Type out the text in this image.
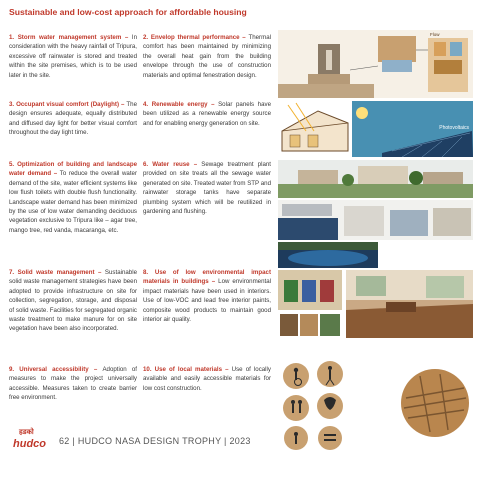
Sustainable and low-cost approach for affordable housing

1. Storm water management system – In consideration with the heavy rainfall of Tripura, excessive off rainwater is stored and treated within the site premises, which is to be used later in the site.

2. Envelop thermal performance – Thermal comfort has been maintained by minimizing the overall heat gain from the building envelope through the use of construction materials and optimal fenestration design.

3. Occupant visual comfort (Daylight) – The design ensures adequate, equally distributed and diffused day light for better visual comfort throughout the day light time.

4. Renewable energy – Solar panels have been utilized as a renewable energy source and for enabling energy generation on site.

5. Optimization of building and landscape water demand – To reduce the overall water demand of the site, water efficient systems like low flush toilets with double flush functionality. Landscape water demand has been minimized by the use of low water demanding deciduous vegetation exclusive to Tripura like – agar tree, mango tree, red vanda, macaranga, etc.

6. Water reuse – Sewage treatment plant provided on site treats all the sewage water generated on site. Treated water from STP and rainwater storage tanks have separate plumbing system which will be reutilized in gardening and flushing.

7. Solid waste management – Sustainable solid waste management strategies have been adopted to provide infrastructure on site for collection, segregation, storage, and disposal of solid waste. Facilities for segregated organic waste treatment to make manure for on site vegetation have been also incorporated.

8. Use of low environmental impact materials in buildings – Low environmental impact materials have been used in interiors. Use of low-VOC and lead free interior paints, composite wood products to maintain good interior air quality.

9. Universal accessibility – Adoption of measures to make the project universally accessible. Measures taken to create barrier free environment.

10. Use of local materials – Use of locally available and easily accessible materials for low cost construction.

Flow
Photovoltaics
हडको
hudco 62 | HUDCO NASA DESIGN TROPHY | 2023
